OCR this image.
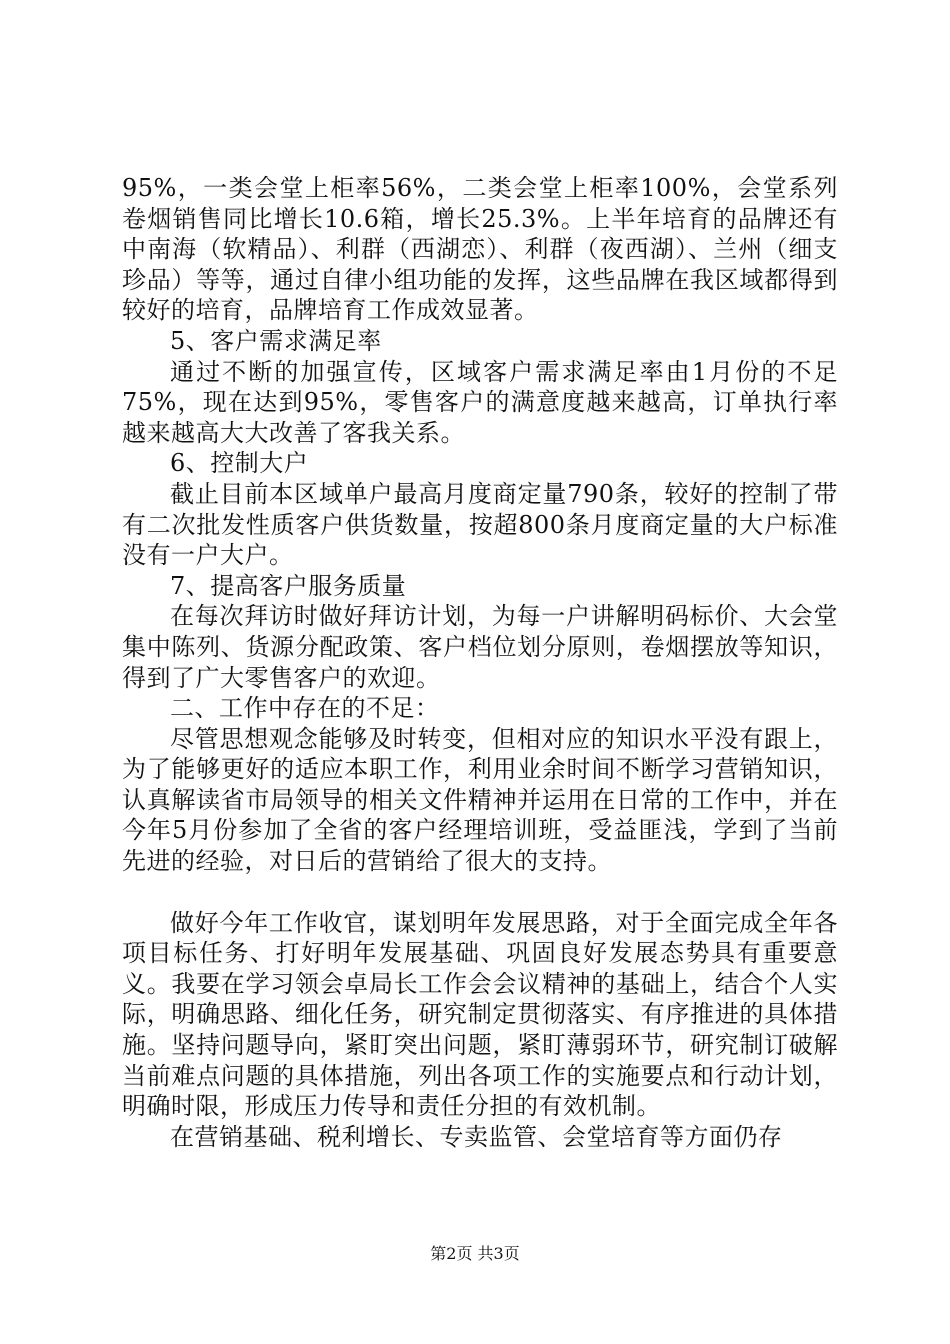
95%，一类会堂上柜率56%，二类会堂上柜率100%，会堂系列卷烟销售同比增长10.6箱，增长25.3%。上半年培育的品牌还有中南海（软精品）、利群（西湖恋）、利群（夜西湖）、兰州（细支珍品）等等，通过自律小组功能的发挥，这些品牌在我区域都得到较好的培育，品牌培育工作成效显著。

5、客户需求满足率

通过不断的加强宣传，区域客户需求满足率由1月份的不足75%，现在达到95%，零售客户的满意度越来越高，订单执行率越来越高大大改善了客我关系。

6、控制大户

截止目前本区域单户最高月度商定量790条，较好的控制了带有二次批发性质客户供货数量，按超800条月度商定量的大户标准没有一户大户。

7、提高客户服务质量

在每次拜访时做好拜访计划，为每一户讲解明码标价、大会堂集中陈列、货源分配政策、客户档位划分原则，卷烟摆放等知识，得到了广大零售客户的欢迎。

二、工作中存在的不足：

尽管思想观念能够及时转变，但相对应的知识水平没有跟上，为了能够更好的适应本职工作，利用业余时间不断学习营销知识，认真解读省市局领导的相关文件精神并运用在日常的工作中，并在今年5月份参加了全省的客户经理培训班，受益匪浅，学到了当前先进的经验，对日后的营销给了很大的支持。

做好今年工作收官，谋划明年发展思路，对于全面完成全年各项目标任务、打好明年发展基础、巩固良好发展态势具有重要意义。我要在学习领会卓局长工作会会议精神的基础上，结合个人实际，明确思路、细化任务，研究制定贯彻落实、有序推进的具体措施。坚持问题导向，紧盯突出问题，紧盯薄弱环节，研究制订破解当前难点问题的具体措施，列出各项工作的实施要点和行动计划，明确时限，形成压力传导和责任分担的有效机制。

在营销基础、税利增长、专卖监管、会堂培育等方面仍存

第2页 共3页
